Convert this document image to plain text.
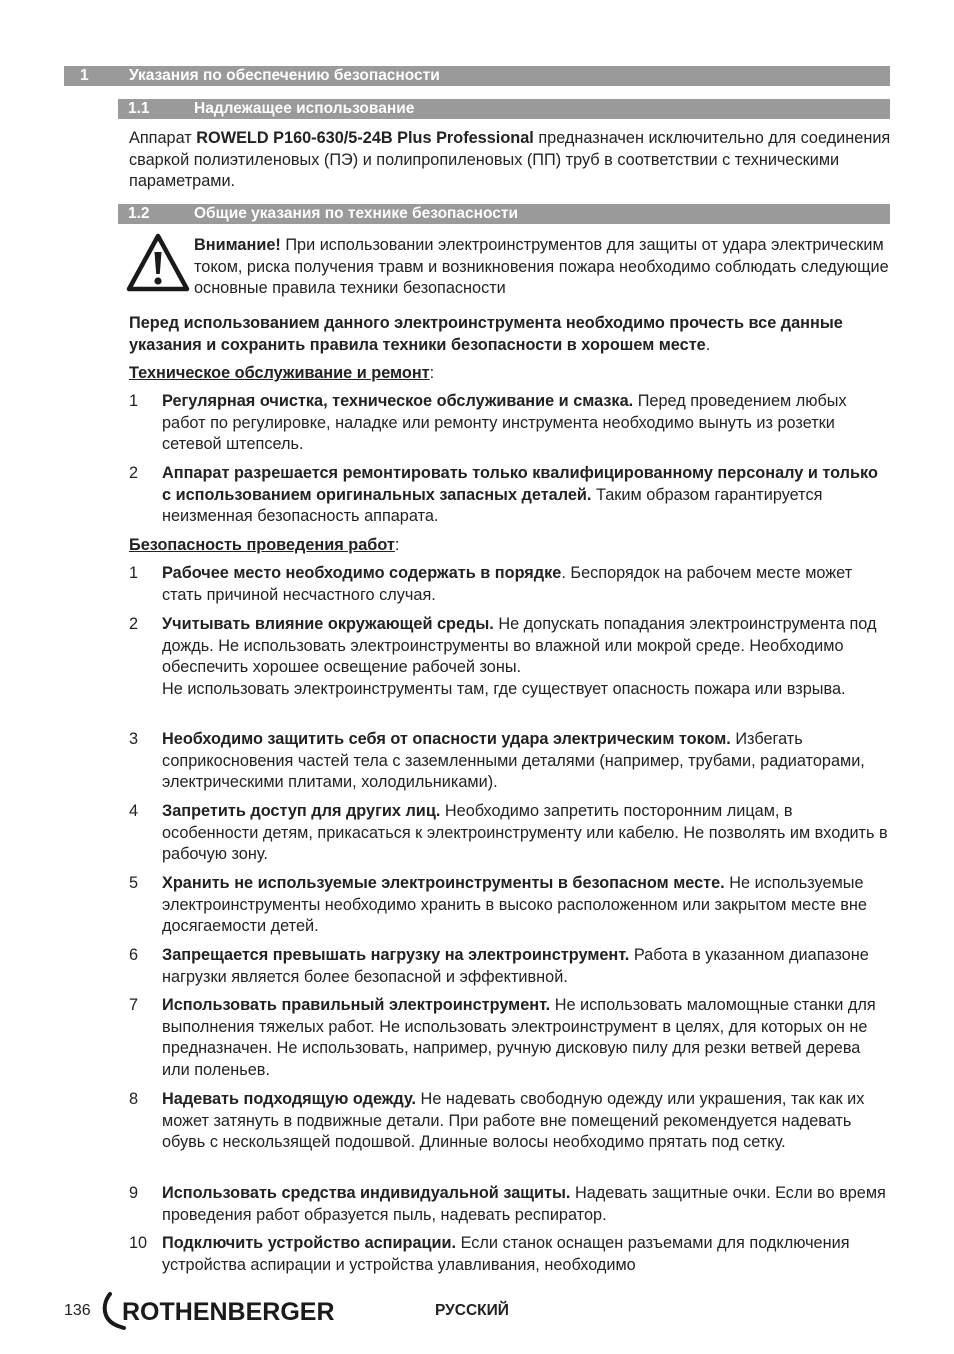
1	Указания по обеспечению безопасности
1.1	Надлежащее использование
Аппарат ROWELD P160-630/5-24B Plus Professional предназначен исключительно для соединения сваркой полиэтиленовых (ПЭ) и полипропиленовых (ПП) труб в соответствии с техническими параметрами.
1.2	Общие указания по технике безопасности
Внимание! При использовании электроинструментов для защиты от удара электрическим током, риска получения травм и возникновения пожара необходимо соблюдать следующие основные правила техники безопасности
Перед использованием данного электроинструмента необходимо прочесть все данные указания и сохранить правила техники безопасности в хорошем месте.
Техническое обслуживание и ремонт:
1	Регулярная очистка, техническое обслуживание и смазка. Перед проведением любых работ по регулировке, наладке или ремонту инструмента необходимо вынуть из розетки сетевой штепсель.
2	Аппарат разрешается ремонтировать только квалифицированному персоналу и только с использованием оригинальных запасных деталей. Таким образом гарантируется неизменная безопасность аппарата.
Безопасность проведения работ:
1	Рабочее место необходимо содержать в порядке. Беспорядок на рабочем месте может стать причиной несчастного случая.
2	Учитывать влияние окружающей среды. Не допускать попадания электроинструмента под дождь. Не использовать электроинструменты во влажной или мокрой среде. Необходимо обеспечить хорошее освещение рабочей зоны.
Не использовать электроинструменты там, где существует опасность пожара или взрыва.
3	Необходимо защитить себя от опасности удара электрическим током. Избегать соприкосновения частей тела с заземленными деталями (например, трубами, радиаторами, электрическими плитами, холодильниками).
4	Запретить доступ для других лиц. Необходимо запретить посторонним лицам, в особенности детям, прикасаться к электроинструменту или кабелю. Не позволять им входить в рабочую зону.
5	Хранить не используемые электроинструменты в безопасном месте. Не используемые электроинструменты необходимо хранить в высоко расположенном или закрытом месте вне досягаемости детей.
6	Запрещается превышать нагрузку на электроинструмент. Работа в указанном диапазоне нагрузки является более безопасной и эффективной.
7	Использовать правильный электроинструмент. Не использовать маломощные станки для выполнения тяжелых работ. Не использовать электроинструмент в целях, для которых он не предназначен. Не использовать, например, ручную дисковую пилу для резки ветвей дерева или поленьев.
8	Надевать подходящую одежду. Не надевать свободную одежду или украшения, так как их может затянуть в подвижные детали. При работе вне помещений рекомендуется надевать обувь с нескользящей подошвой. Длинные волосы необходимо прятать под сетку.
9	Использовать средства индивидуальной защиты. Надевать защитные очки. Если во время проведения работ образуется пыль, надевать респиратор.
10 Подключить устройство аспирации. Если станок оснащен разъемами для подключения устройства аспирации и устройства улавливания, необходимо
136 ROTHENBERGER	РУССКИЙ
